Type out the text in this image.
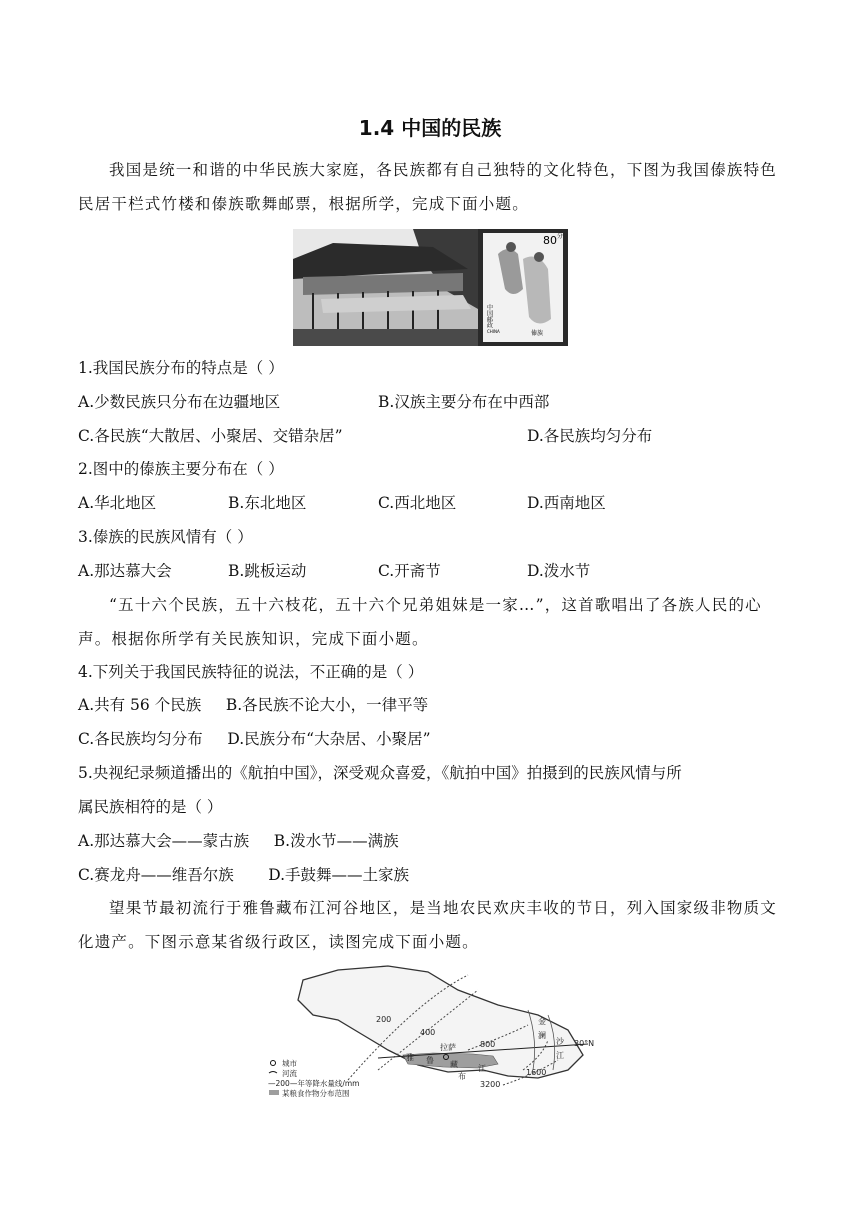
1.4 中国的民族

我国是统一和谐的中华民族大家庭，各民族都有自己独特的文化特色，下图为我国傣族特色民居干栏式竹楼和傣族歌舞邮票，根据所学，完成下面小题。

80 分
中国邮政
CHINA	傣族
1.我国民族分布的特点是（ ）
A.少数民族只分布在边疆地区	B.汉族主要分布在中西部
C.各民族“大散居、小聚居、交错杂居”	D.各民族均匀分布
2.图中的傣族主要分布在（ ）
A.华北地区	B.东北地区	C.西北地区	D.西南地区
3.傣族的民族风情有（ ）
A.那达慕大会	B.跳板运动	C.开斋节	D.泼水节

“五十六个民族，五十六枝花，五十六个兄弟姐妹是一家…”，这首歌唱出了各族人民的心声。根据你所学有关民族知识，完成下面小题。

4.下列关于我国民族特征的说法，不正确的是（ ）
A.共有 56 个民族     B.各民族不论大小，一律平等
C.各民族均匀分布     D.民族分布“大杂居、小聚居”
5.央视纪录频道播出的《航拍中国》，深受观众喜爱，《航拍中国》拍摄到的民族风情与所
属民族相符的是（ ）
A.那达慕大会——蒙古族     B.泼水节——满族
C.赛龙舟——维吾尔族       D.手鼓舞——土家族

望果节最初流行于雅鲁藏布江河谷地区，是当地农民欢庆丰收的节日，列入国家级非物质文化遗产。下图示意某省级行政区，读图完成下面小题。

200
400
800
1600
3200
拉萨
雅 鲁 藏
布
江
金
澜
沙
江
30°N
城市
河流
—200—年等降水量线/mm
某粮食作物分布范围
